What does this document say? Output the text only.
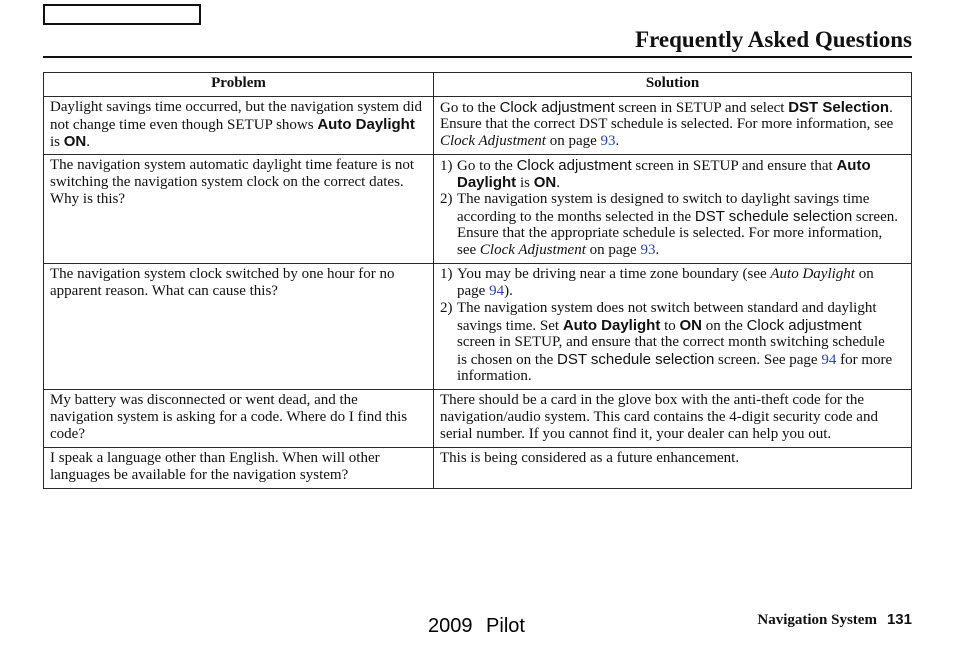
Frequently Asked Questions
Problem	Solution
Daylight savings time occurred, but the navigation system did
not change time even though SETUP shows Auto Daylight
is ON.
Go to the Clock adjustment screen in SETUP and select DST Selection.
Ensure that the correct DST schedule is selected. For more information, see
Clock Adjustment on page 93.
The navigation system automatic daylight time feature is not
switching the navigation system clock on the correct dates.
Why is this?
1) Go to the Clock adjustment screen in SETUP and ensure that Auto
Daylight is ON.
2) The navigation system is designed to switch to daylight savings time
according to the months selected in the DST schedule selection screen.
Ensure that the appropriate schedule is selected. For more information,
see Clock Adjustment on page 93.
The navigation system clock switched by one hour for no
apparent reason. What can cause this?
1) You may be driving near a time zone boundary (see Auto Daylight on
page 94).
2) The navigation system does not switch between standard and daylight
savings time. Set Auto Daylight to ON on the Clock adjustment
screen in SETUP, and ensure that the correct month switching schedule
is chosen on the DST schedule selection screen. See page 94 for more
information.
My battery was disconnected or went dead, and the
navigation system is asking for a code. Where do I find this
code?
There should be a card in the glove box with the anti-theft code for the
navigation/audio system. This card contains the 4-digit security code and
serial number. If you cannot find it, your dealer can help you out.
I speak a language other than English. When will other
languages be available for the navigation system?
This is being considered as a future enhancement.
Navigation System 131
2009 Pilot
